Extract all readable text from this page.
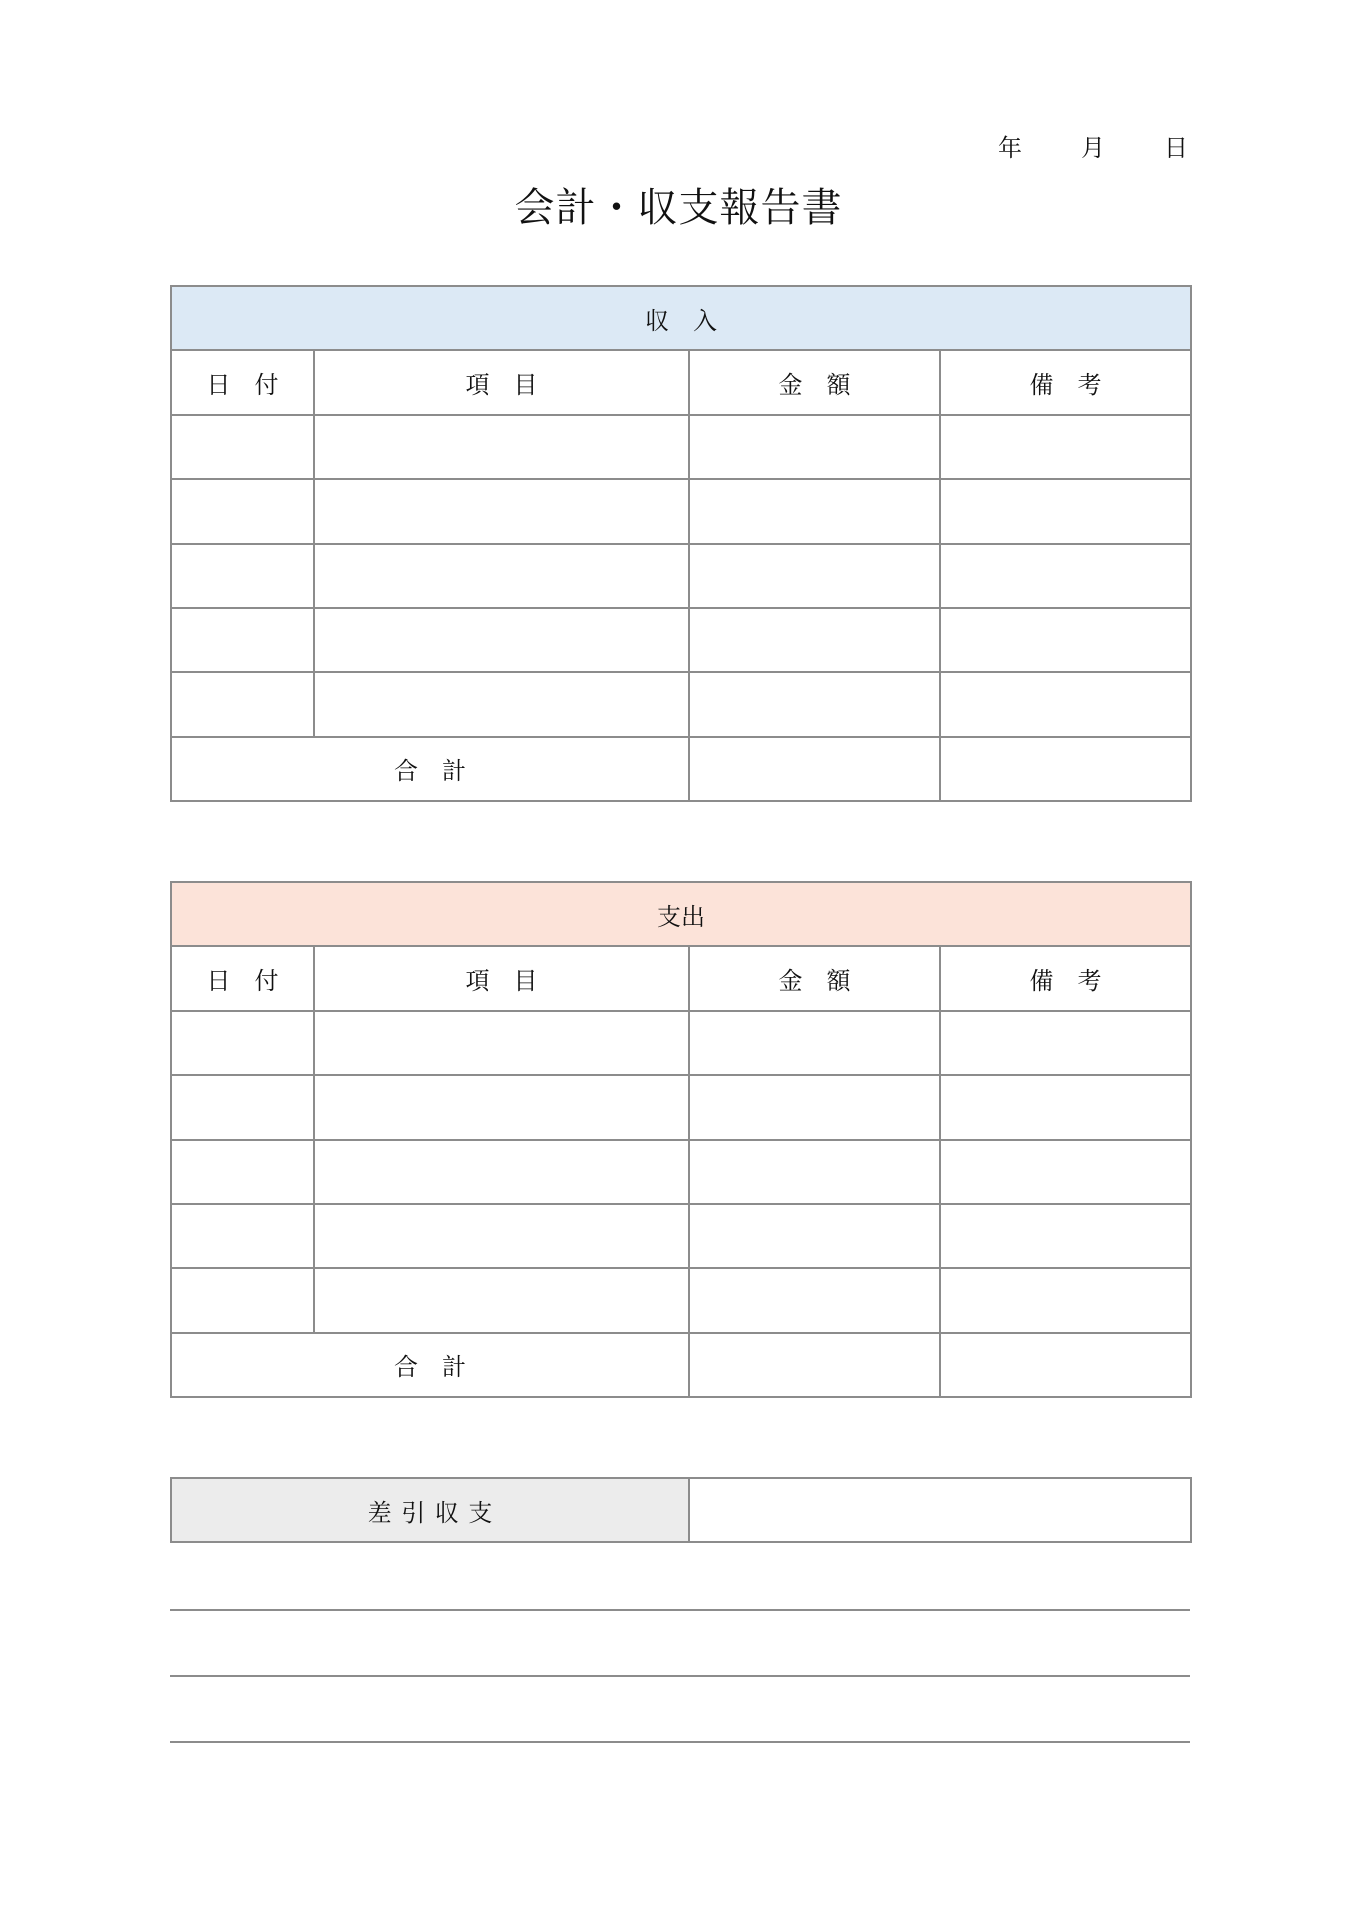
年 月 日
会計・収支報告書
収　入			
日　付	項　目	金　額	備　考

合　計			
支出			
日　付	項　目	金　額	備　考

合　計			
差引収支	
